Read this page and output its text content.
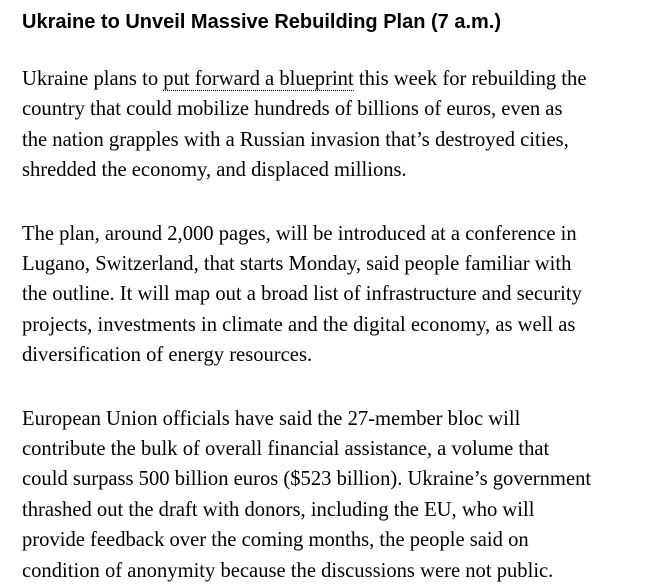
Ukraine to Unveil Massive Rebuilding Plan (7 a.m.)

Ukraine plans to put forward a blueprint this week for rebuilding the
country that could mobilize hundreds of billions of euros, even as
the nation grapples with a Russian invasion that’s destroyed cities,
shredded the economy, and displaced millions.

The plan, around 2,000 pages, will be introduced at a conference in
Lugano, Switzerland, that starts Monday, said people familiar with
the outline. It will map out a broad list of infrastructure and security
projects, investments in climate and the digital economy, as well as
diversification of energy resources.

European Union officials have said the 27-member bloc will
contribute the bulk of overall financial assistance, a volume that
could surpass 500 billion euros ($523 billion). Ukraine’s government
thrashed out the draft with donors, including the EU, who will
provide feedback over the coming months, the people said on
condition of anonymity because the discussions were not public.
